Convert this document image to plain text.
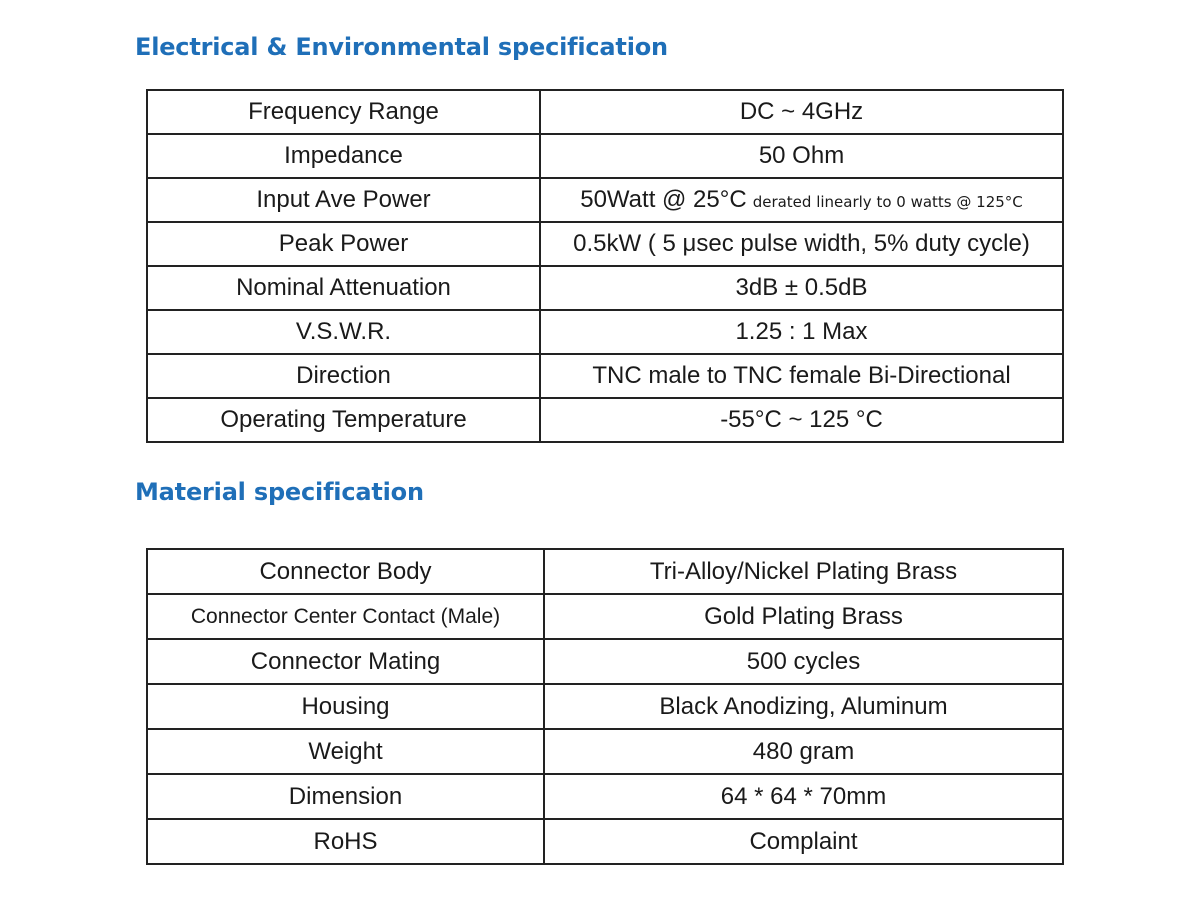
Electrical & Environmental specification
Frequency Range	DC ~ 4GHz
Impedance	50 Ohm
Input Ave Power	50Watt @ 25°C derated linearly to 0 watts @ 125°C
Peak Power	0.5kW ( 5 μsec pulse width, 5% duty cycle)
Nominal Attenuation	3dB ± 0.5dB
V.S.W.R.	1.25 : 1 Max
Direction	TNC male to TNC female Bi-Directional
Operating Temperature	-55°C ~ 125 °C
Material specification
Connector Body	Tri-Alloy/Nickel Plating Brass
Connector Center Contact (Male)	Gold Plating Brass
Connector Mating	500 cycles
Housing	Black Anodizing, Aluminum
Weight	480 gram
Dimension	64 * 64 * 70mm
RoHS	Complaint
